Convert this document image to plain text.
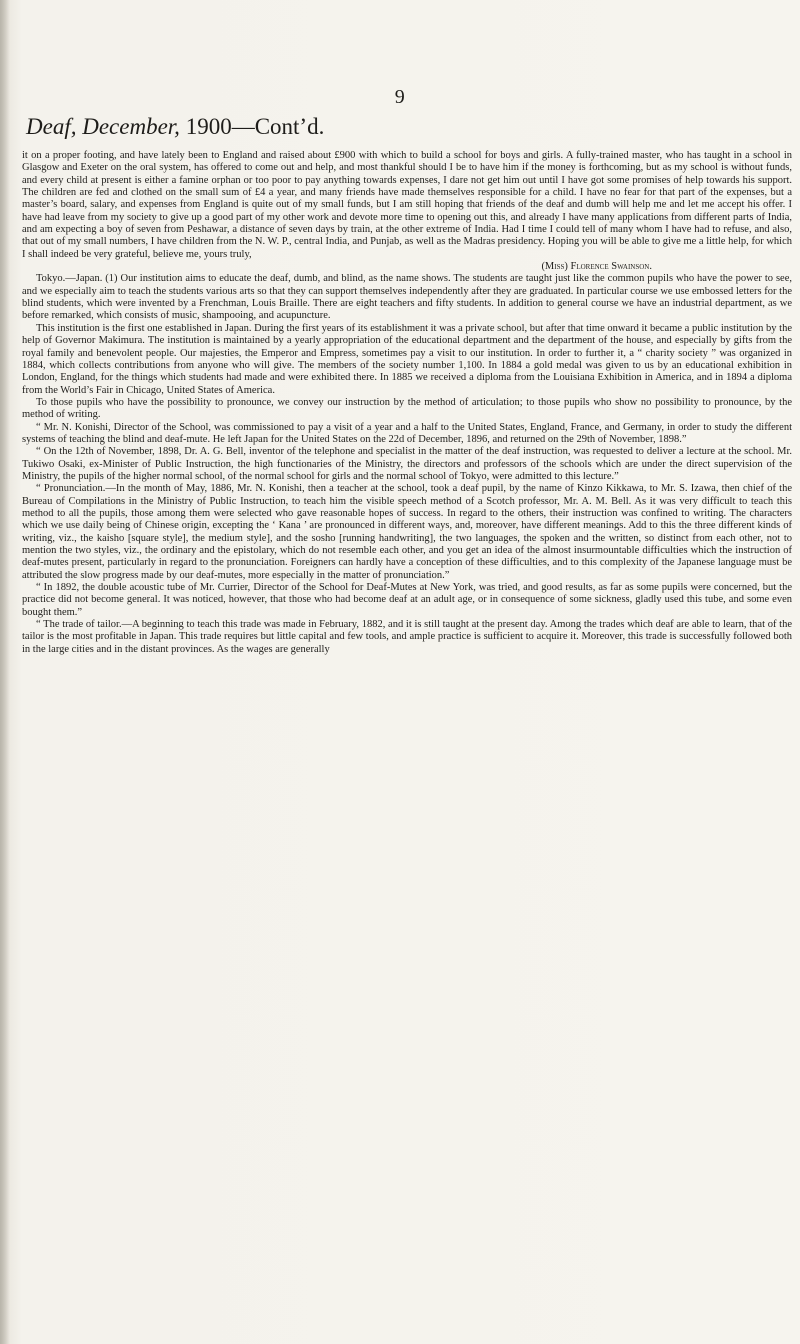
9
Deaf, December, 1900—Cont’d.

it on a proper footing, and have lately been to England and raised about £900 with which to build a school for boys and girls. A fully-trained master, who has taught in a school in Glasgow and Exeter on the oral system, has offered to come out and help, and most thankful should I be to have him if the money is forthcoming, but as my school is without funds, and every child at present is either a famine orphan or too poor to pay anything towards expenses, I dare not get him out until I have got some promises of help towards his support. The children are fed and clothed on the small sum of £4 a year, and many friends have made themselves responsible for a child. I have no fear for that part of the expenses, but a master’s board, salary, and expenses from England is quite out of my small funds, but I am still hoping that friends of the deaf and dumb will help me and let me accept his offer. I have had leave from my society to give up a good part of my other work and devote more time to opening out this, and already I have many applications from different parts of India, and am expecting a boy of seven from Peshawar, a distance of seven days by train, at the other extreme of India. Had I time I could tell of many whom I have had to refuse, and also, that out of my small numbers, I have children from the N. W. P., central India, and Punjab, as well as the Madras presidency. Hoping you will be able to give me a little help, for which I shall indeed be very grateful, believe me, yours truly,

(Miss) Florence Swainson.

Tokyo.—Japan. (1) Our institution aims to educate the deaf, dumb, and blind, as the name shows. The students are taught just like the common pupils who have the power to see, and we especially aim to teach the students various arts so that they can support themselves independently after they are graduated. In particular course we use embossed letters for the blind students, which were invented by a Frenchman, Louis Braille. There are eight teachers and fifty students. In addition to general course we have an industrial department, as we before remarked, which consists of music, shampooing, and acupuncture.

This institution is the first one established in Japan. During the first years of its establishment it was a private school, but after that time onward it became a public institution by the help of Governor Makimura. The institution is maintained by a yearly appropriation of the educational department and the department of the house, and especially by gifts from the royal family and benevolent people. Our majesties, the Emperor and Empress, sometimes pay a visit to our institution. In order to further it, a “ charity society ” was organized in 1884, which collects contributions from anyone who will give. The members of the society number 1,100. In 1884 a gold medal was given to us by an educational exhibition in London, England, for the things which students had made and were exhibited there. In 1885 we received a diploma from the Louisiana Exhibition in America, and in 1894 a diploma from the World’s Fair in Chicago, United States of America.

To those pupils who have the possibility to pronounce, we convey our instruction by the method of articulation; to those pupils who show no possibility to pronounce, by the method of writing.

“ Mr. N. Konishi, Director of the School, was commissioned to pay a visit of a year and a half to the United States, England, France, and Germany, in order to study the different systems of teaching the blind and deaf-mute. He left Japan for the United States on the 22d of December, 1896, and returned on the 29th of November, 1898.”

“ On the 12th of November, 1898, Dr. A. G. Bell, inventor of the telephone and specialist in the matter of the deaf instruction, was requested to deliver a lecture at the school. Mr. Tukiwo Osaki, ex-Minister of Public Instruction, the high functionaries of the Ministry, the directors and professors of the schools which are under the direct supervision of the Ministry, the pupils of the higher normal school, of the normal school for girls and the normal school of Tokyo, were admitted to this lecture.”

“ Pronunciation.—In the month of May, 1886, Mr. N. Konishi, then a teacher at the school, took a deaf pupil, by the name of Kinzo Kikkawa, to Mr. S. Izawa, then chief of the Bureau of Compilations in the Ministry of Public Instruction, to teach him the visible speech method of a Scotch professor, Mr. A. M. Bell. As it was very difficult to teach this method to all the pupils, those among them were selected who gave reasonable hopes of success. In regard to the others, their instruction was confined to writing. The characters which we use daily being of Chinese origin, excepting the ‘ Kana ’ are pronounced in different ways, and, moreover, have different meanings. Add to this the three different kinds of writing, viz., the kaisho [square style], the medium style], and the sosho [running handwriting], the two languages, the spoken and the written, so distinct from each other, not to mention the two styles, viz., the ordinary and the epistolary, which do not resemble each other, and you get an idea of the almost insurmountable difficulties which the instruction of deaf-mutes present, particularly in regard to the pronunciation. Foreigners can hardly have a conception of these difficulties, and to this complexity of the Japanese language must be attributed the slow progress made by our deaf-mutes, more especially in the matter of pronunciation.”

“ In 1892, the double acoustic tube of Mr. Currier, Director of the School for Deaf-Mutes at New York, was tried, and good results, as far as some pupils were concerned, but the practice did not become general. It was noticed, however, that those who had become deaf at an adult age, or in consequence of some sickness, gladly used this tube, and some even bought them.”

“ The trade of tailor.—A beginning to teach this trade was made in February, 1882, and it is still taught at the present day. Among the trades which deaf are able to learn, that of the tailor is the most profitable in Japan. This trade requires but little capital and few tools, and ample practice is sufficient to acquire it. Moreover, this trade is successfully followed both in the large cities and in the distant provinces. As the wages are generally
